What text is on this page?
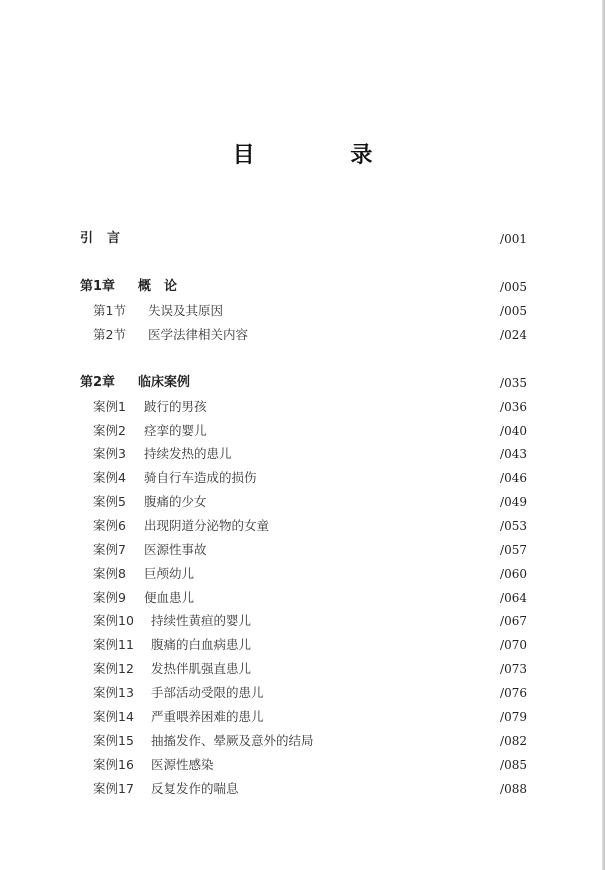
目 录
引言	/001
第1章 概　论	/005
第1节 失误及其原因	/005
第2节 医学法律相关内容	/024
第2章 临床案例	/035
案例1 跛行的男孩	/036
案例2 痉挛的婴儿	/040
案例3 持续发热的患儿	/043
案例4 骑自行车造成的损伤	/046
案例5 腹痛的少女	/049
案例6 出现阴道分泌物的女童	/053
案例7 医源性事故	/057
案例8 巨颅幼儿	/060
案例9 便血患儿	/064
案例10 持续性黄疸的婴儿	/067
案例11 腹痛的白血病患儿	/070
案例12 发热伴肌强直患儿	/073
案例13 手部活动受限的患儿	/076
案例14 严重喂养困难的患儿	/079
案例15 抽搐发作、晕厥及意外的结局	/082
案例16 医源性感染	/085
案例17 反复发作的喘息	/088
